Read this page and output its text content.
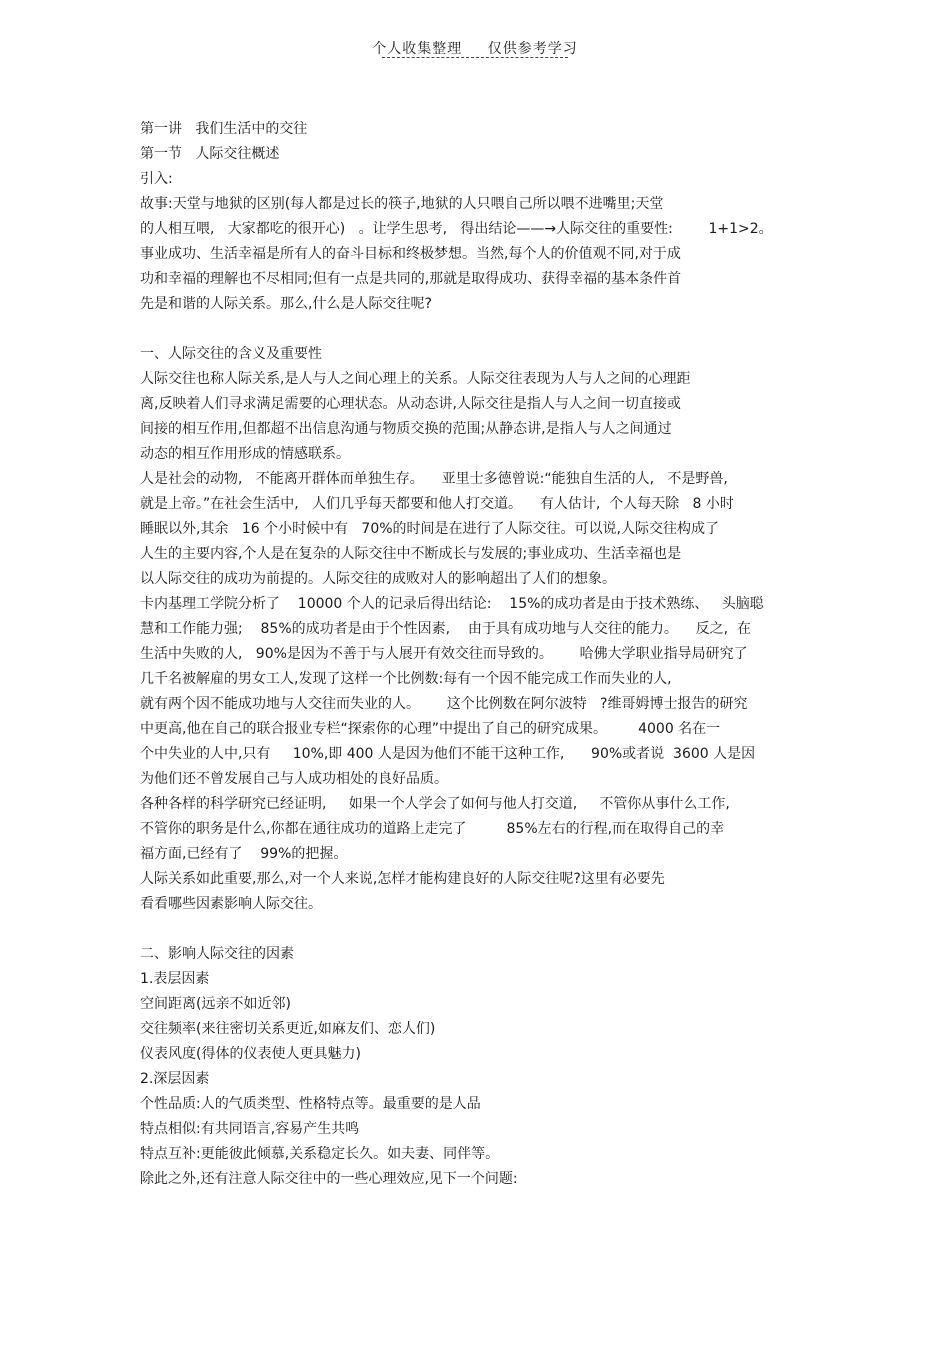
个人收集整理 仅供参考学习
第一讲   我们生活中的交往
第一节   人际交往概述
引入:
故事:天堂与地狱的区别(每人都是过长的筷子,地狱的人只喂自己所以喂不进嘴里;天堂
的人相互喂,   大家都吃的很开心)   。让学生思考,   得出结论——→人际交往的重要性:        1+1>2。
事业成功、生活幸福是所有人的奋斗目标和终极梦想。当然,每个人的价值观不同,对于成
功和幸福的理解也不尽相同;但有一点是共同的,那就是取得成功、获得幸福的基本条件首
先是和谐的人际关系。那么,什么是人际交往呢?
一、人际交往的含义及重要性
人际交往也称人际关系,是人与人之间心理上的关系。人际交往表现为人与人之间的心理距
离,反映着人们寻求满足需要的心理状态。从动态讲,人际交往是指人与人之间一切直接或
间接的相互作用,但都超不出信息沟通与物质交换的范围;从静态讲,是指人与人之间通过
动态的相互作用形成的情感联系。
人是社会的动物,   不能离开群体而单独生存。    亚里士多德曾说:“能独自生活的人,   不是野兽,
就是上帝。”在社会生活中,   人们几乎每天都要和他人打交道。    有人估计,  个人每天除   8 小时
睡眠以外,其余   16 个小时候中有   70%的时间是在进行了人际交往。可以说,人际交往构成了
人生的主要内容,个人是在复杂的人际交往中不断成长与发展的;事业成功、生活幸福也是
以人际交往的成功为前提的。人际交往的成败对人的影响超出了人们的想象。
卡内基理工学院分析了    10000 个人的记录后得出结论:    15%的成功者是由于技术熟练、   头脑聪
慧和工作能力强;    85%的成功者是由于个性因素,    由于具有成功地与人交往的能力。    反之,  在
生活中失败的人,   90%是因为不善于与人展开有效交往而导致的。      哈佛大学职业指导局研究了
几千名被解雇的男女工人,发现了这样一个比例数:每有一个因不能完成工作而失业的人,
就有两个因不能成功地与人交往而失业的人。      这个比例数在阿尔波特   ?维哥姆博士报告的研究
中更高,他在自己的联合报业专栏“探索你的心理”中提出了自己的研究成果。       4000 名在一
个中失业的人中,只有     10%,即 400 人是因为他们不能干这种工作,      90%或者说  3600 人是因
为他们还不曾发展自己与人成功相处的良好品质。
各种各样的科学研究已经证明,     如果一个人学会了如何与他人打交道,     不管你从事什么工作,
不管你的职务是什么,你都在通往成功的道路上走完了         85%左右的行程,而在取得自己的幸
福方面,已经有了    99%的把握。
人际关系如此重要,那么,对一个人来说,怎样才能构建良好的人际交往呢?这里有必要先
看看哪些因素影响人际交往。
二、影响人际交往的因素
1.表层因素
空间距离(远亲不如近邻)
交往频率(来往密切关系更近,如麻友们、恋人们)
仪表风度(得体的仪表使人更具魅力)
2.深层因素
个性品质:人的气质类型、性格特点等。最重要的是人品
特点相似:有共同语言,容易产生共鸣
特点互补:更能彼此倾慕,关系稳定长久。如夫妻、同伴等。
除此之外,还有注意人际交往中的一些心理效应,见下一个问题:
